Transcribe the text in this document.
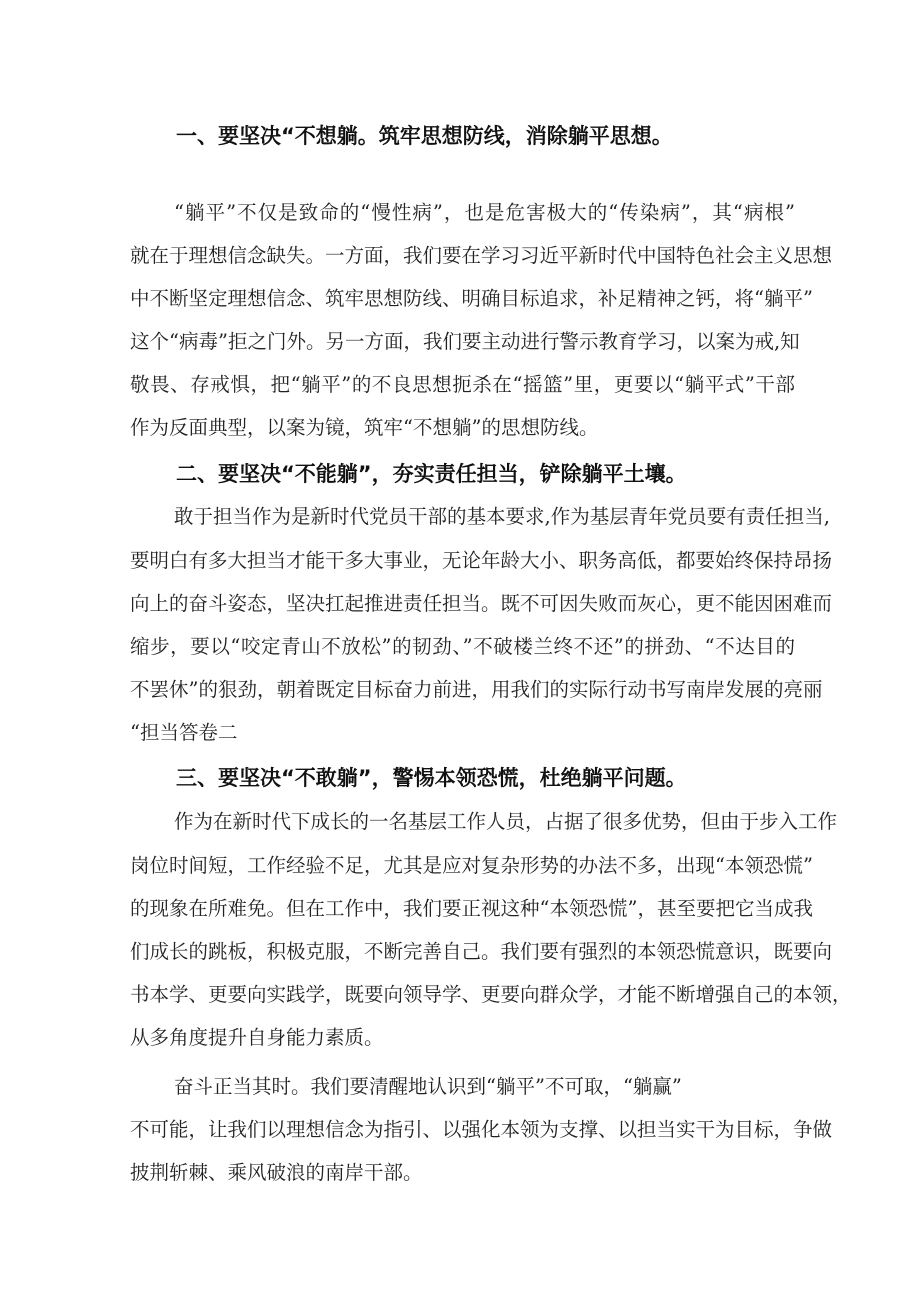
一、要坚决“不想躺。筑牢思想防线，消除躺平思想。

“躺平”不仅是致命的“慢性病”，也是危害极大的“传染病”，其“病根”

就在于理想信念缺失。一方面，我们要在学习习近平新时代中国特色社会主义思想

中不断坚定理想信念、筑牢思想防线、明确目标追求，补足精神之钙，将“躺平”

这个“病毒”拒之门外。另一方面，我们要主动进行警示教育学习，以案为戒,知

敬畏、存戒惧，把“躺平”的不良思想扼杀在“摇篮”里，更要以“躺平式”干部

作为反面典型，以案为镜，筑牢“不想躺”的思想防线。

二、要坚决“不能躺”，夯实责任担当，铲除躺平土壤。

敢于担当作为是新时代党员干部的基本要求,作为基层青年党员要有责任担当,

要明白有多大担当才能干多大事业，无论年龄大小、职务高低，都要始终保持昂扬

向上的奋斗姿态，坚决扛起推进责任担当。既不可因失败而灰心，更不能因困难而

缩步，要以“咬定青山不放松”的韧劲、”不破楼兰终不还”的拼劲、“不达目的

不罢休”的狠劲，朝着既定目标奋力前进，用我们的实际行动书写南岸发展的亮丽

“担当答卷二

三、要坚决“不敢躺”，警惕本领恐慌，杜绝躺平问题。

作为在新时代下成长的一名基层工作人员，占据了很多优势，但由于步入工作

岗位时间短，工作经验不足，尤其是应对复杂形势的办法不多，出现“本领恐慌”

的现象在所难免。但在工作中，我们要正视这种“本领恐慌”，甚至要把它当成我

们成长的跳板，积极克服，不断完善自己。我们要有强烈的本领恐慌意识，既要向

书本学、更要向实践学，既要向领导学、更要向群众学，才能不断增强自己的本领，

从多角度提升自身能力素质。

奋斗正当其时。我们要清醒地认识到“躺平”不可取，“躺赢”

不可能，让我们以理想信念为指引、以强化本领为支撑、以担当实干为目标，争做

披荆斩棘、乘风破浪的南岸干部。
